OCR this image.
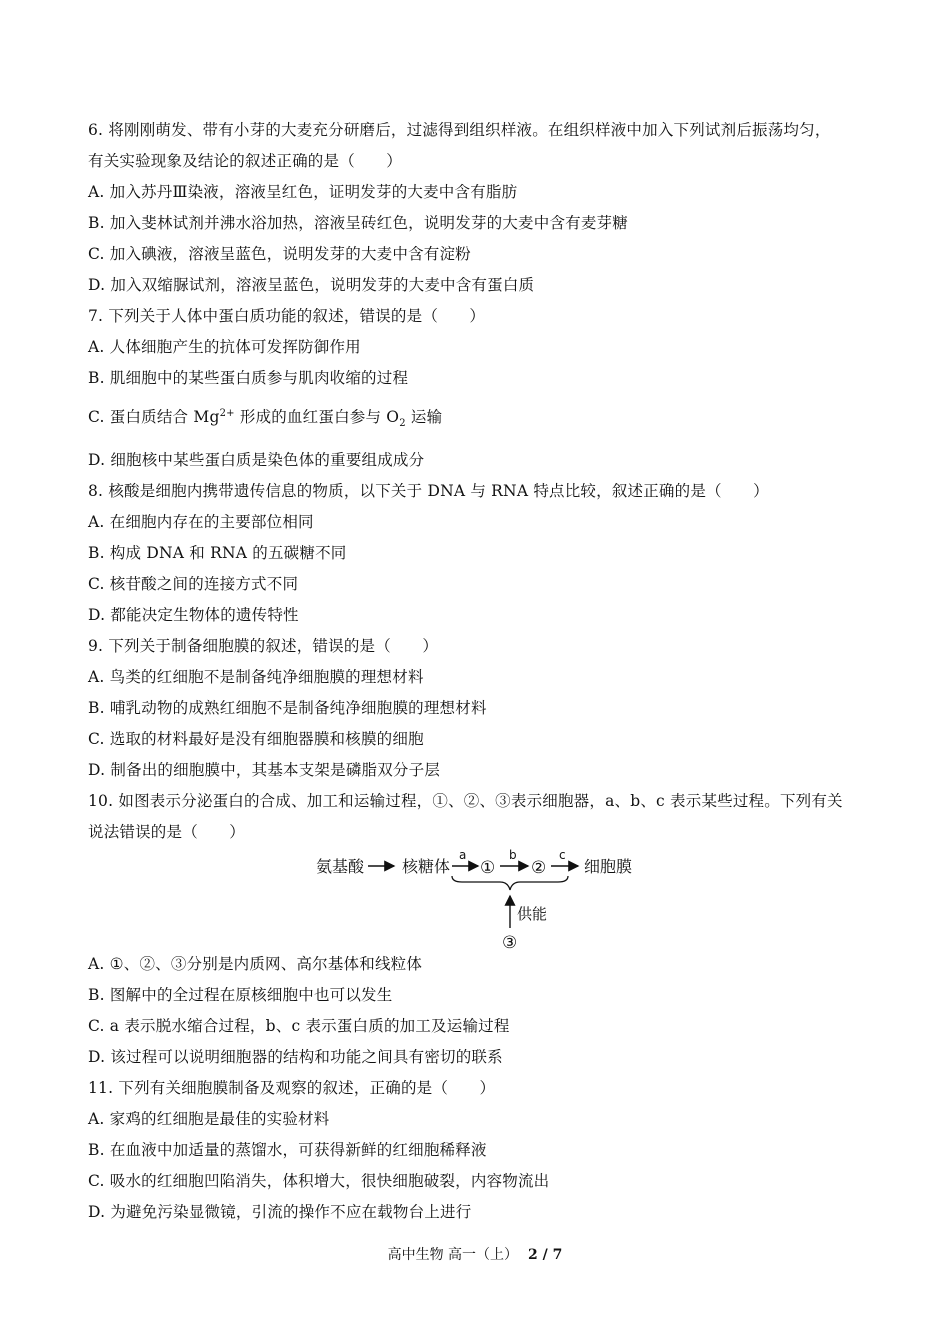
6. 将刚刚萌发、带有小芽的大麦充分研磨后，过滤得到组织样液。在组织样液中加入下列试剂后振荡均匀，
有关实验现象及结论的叙述正确的是（　　）
A. 加入苏丹Ⅲ染液，溶液呈红色，证明发芽的大麦中含有脂肪
B. 加入斐林试剂并沸水浴加热，溶液呈砖红色，说明发芽的大麦中含有麦芽糖
C. 加入碘液，溶液呈蓝色，说明发芽的大麦中含有淀粉
D. 加入双缩脲试剂，溶液呈蓝色，说明发芽的大麦中含有蛋白质
7. 下列关于人体中蛋白质功能的叙述，错误的是（　　）
A. 人体细胞产生的抗体可发挥防御作用
B. 肌细胞中的某些蛋白质参与肌肉收缩的过程
C. 蛋白质结合 $Mg^{2+}$ 形成的血红蛋白参与 $O_2$ 运输
D. 细胞核中某些蛋白质是染色体的重要组成成分
8. 核酸是细胞内携带遗传信息的物质，以下关于 DNA 与 RNA 特点比较，叙述正确的是（　　）
A. 在细胞内存在的主要部位相同
B. 构成 DNA 和 RNA 的五碳糖不同
C. 核苷酸之间的连接方式不同
D. 都能决定生物体的遗传特性
9. 下列关于制备细胞膜的叙述，错误的是（　　）
A. 鸟类的红细胞不是制备纯净细胞膜的理想材料
B. 哺乳动物的成熟红细胞不是制备纯净细胞膜的理想材料
C. 选取的材料最好是没有细胞器膜和核膜的细胞
D. 制备出的细胞膜中，其基本支架是磷脂双分子层
10. 如图表示分泌蛋白的合成、加工和运输过程，①、②、③表示细胞器，a、b、c 表示某些过程。下列有关
说法错误的是（　　）
氨基酸 核糖体
a
①
b
②
c
细胞膜
供能
③
A. ①、②、③分别是内质网、高尔基体和线粒体
B. 图解中的全过程在原核细胞中也可以发生
C. a 表示脱水缩合过程，b、c 表示蛋白质的加工及运输过程
D. 该过程可以说明细胞器的结构和功能之间具有密切的联系
11. 下列有关细胞膜制备及观察的叙述，正确的是（　　）
A. 家鸡的红细胞是最佳的实验材料
B. 在血液中加适量的蒸馏水，可获得新鲜的红细胞稀释液
C. 吸水的红细胞凹陷消失，体积增大，很快细胞破裂，内容物流出
D. 为避免污染显微镜，引流的操作不应在载物台上进行
高中生物 高一（上） 2 / 7
